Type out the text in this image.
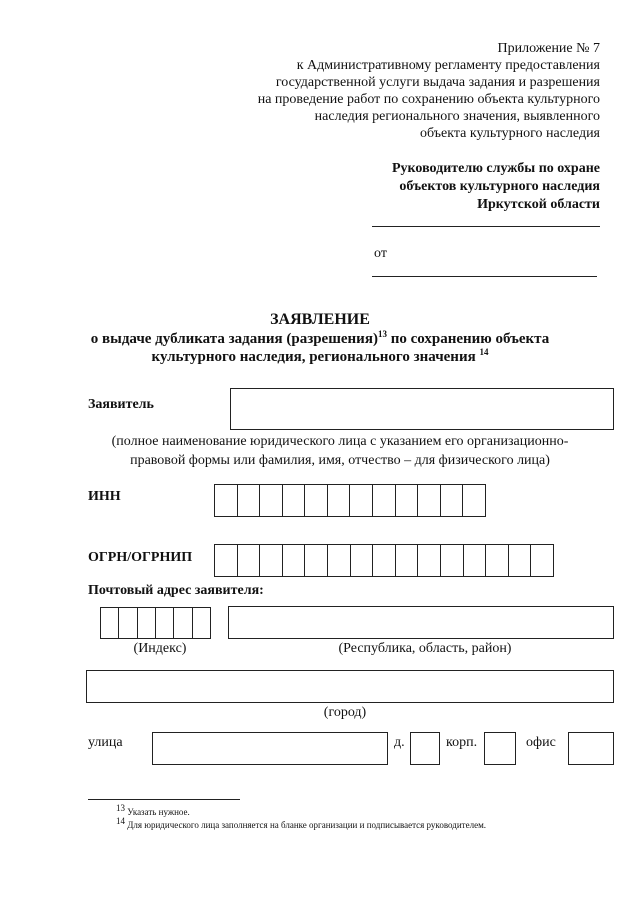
Приложение № 7
к Административному регламенту предоставления
государственной услуги выдача задания и разрешения
на проведение работ по сохранению объекта культурного
наследия регионального значения, выявленного
объекта культурного наследия
Руководителю службы по охране
объектов культурного наследия
Иркутской области
от
ЗАЯВЛЕНИЕ
о выдаче дубликата задания (разрешения)$^{13}$ по сохранению объекта
культурного наследия, регионального значения $^{14}$
Заявитель
(полное наименование юридического лица с указанием его организационно-
правовой формы или фамилия, имя, отчество – для физического лица)
ИНН
ОГРН/ОГРНИП
Почтовый адрес заявителя:
(Индекс)	(Республика, область, район)
(город)
улица	д.	корп.	офис
$^{13}$ Указать нужное.
$^{14}$ Для юридического лица заполняется на бланке организации и подписывается руководителем.
